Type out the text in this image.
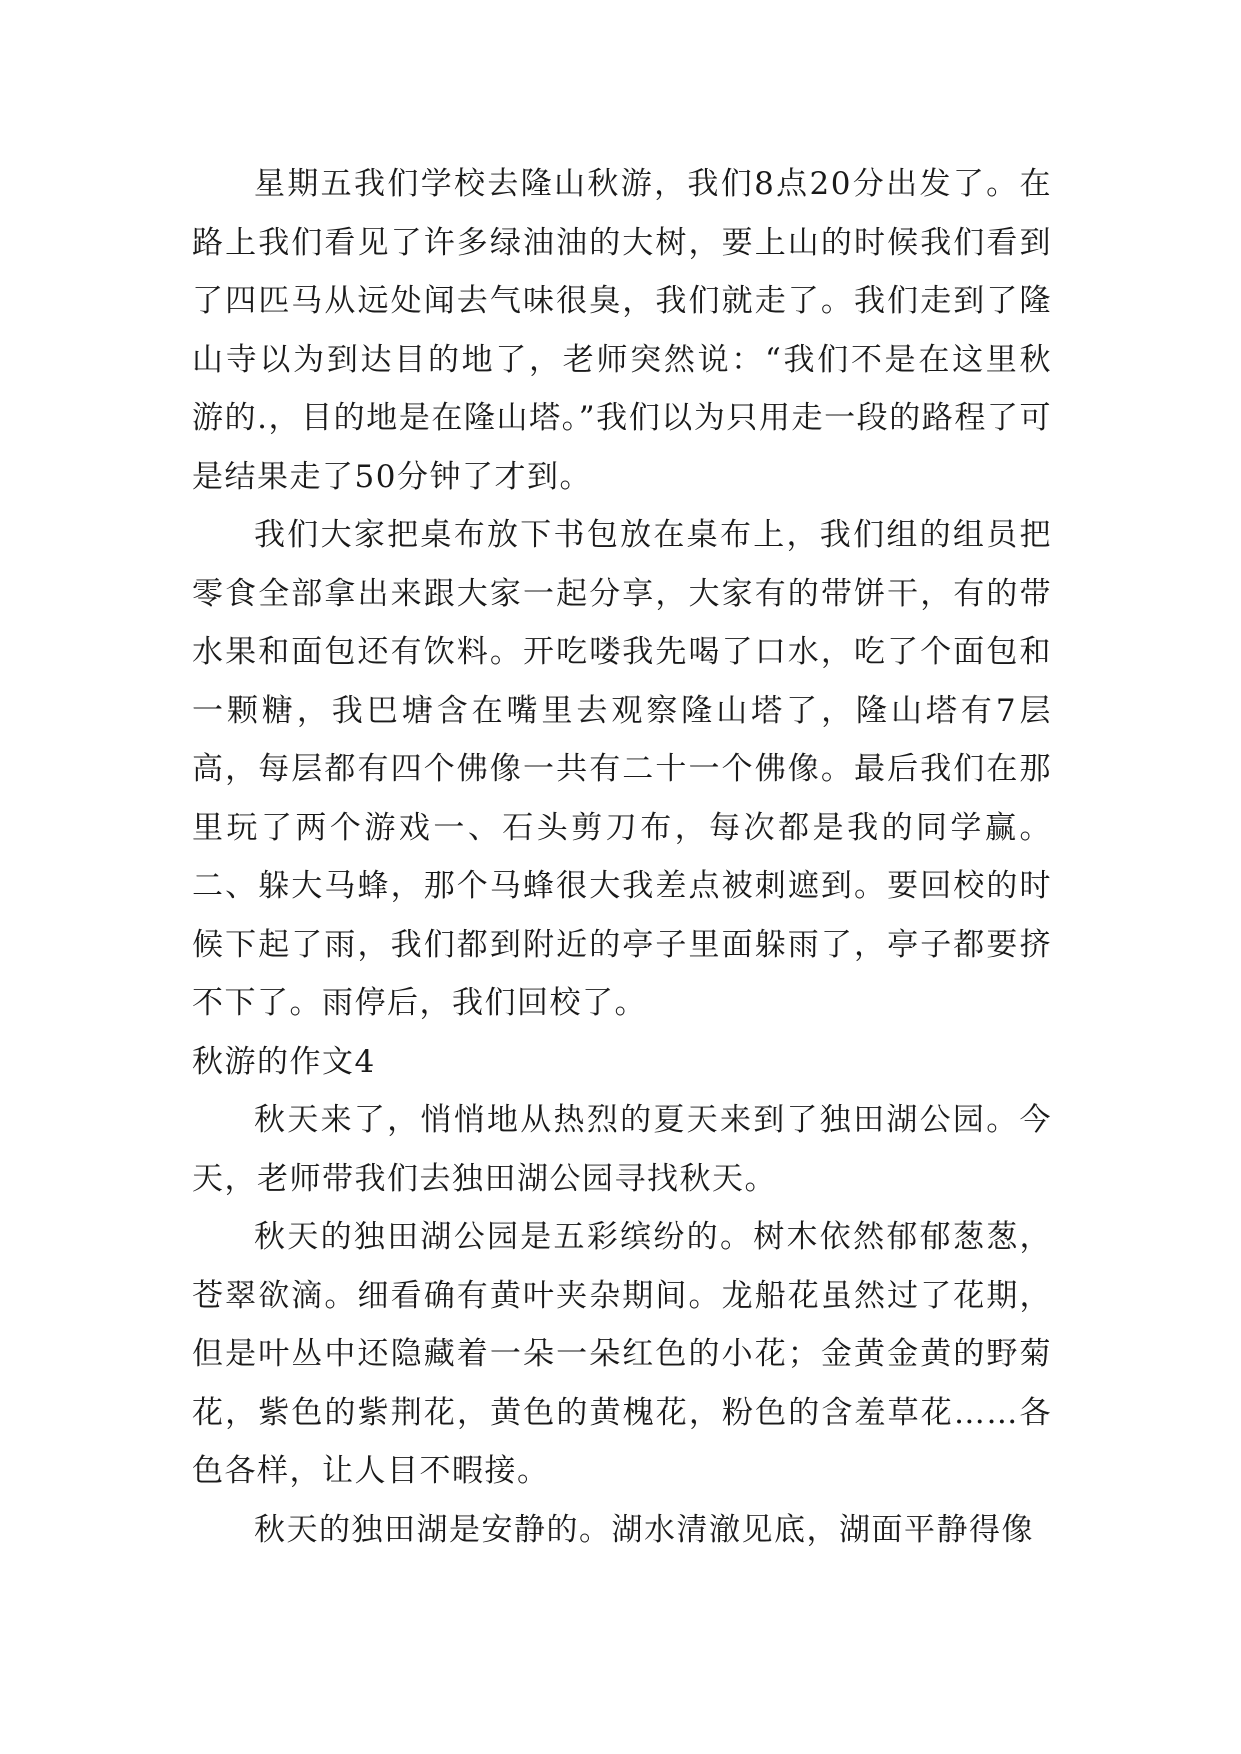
星期五我们学校去隆山秋游，我们8点20分出发了。在路上我们看见了许多绿油油的大树，要上山的时候我们看到了四匹马从远处闻去气味很臭，我们就走了。我们走到了隆山寺以为到达目的地了，老师突然说：“我们不是在这里秋游的.，目的地是在隆山塔。”我们以为只用走一段的路程了可是结果走了50分钟了才到。

我们大家把桌布放下书包放在桌布上，我们组的组员把零食全部拿出来跟大家一起分享，大家有的带饼干，有的带水果和面包还有饮料。开吃喽我先喝了口水，吃了个面包和一颗糖，我巴塘含在嘴里去观察隆山塔了，隆山塔有7层高，每层都有四个佛像一共有二十一个佛像。最后我们在那里玩了两个游戏一、石头剪刀布，每次都是我的同学赢。二、躲大马蜂，那个马蜂很大我差点被刺遮到。要回校的时候下起了雨，我们都到附近的亭子里面躲雨了，亭子都要挤不下了。雨停后，我们回校了。

秋游的作文4

秋天来了，悄悄地从热烈的夏天来到了独田湖公园。今天，老师带我们去独田湖公园寻找秋天。

秋天的独田湖公园是五彩缤纷的。树木依然郁郁葱葱，苍翠欲滴。细看确有黄叶夹杂期间。龙船花虽然过了花期，但是叶丛中还隐藏着一朵一朵红色的小花；金黄金黄的野菊花，紫色的紫荆花，黄色的黄槐花，粉色的含羞草花……各色各样，让人目不暇接。

秋天的独田湖是安静的。湖水清澈见底，湖面平静得像
